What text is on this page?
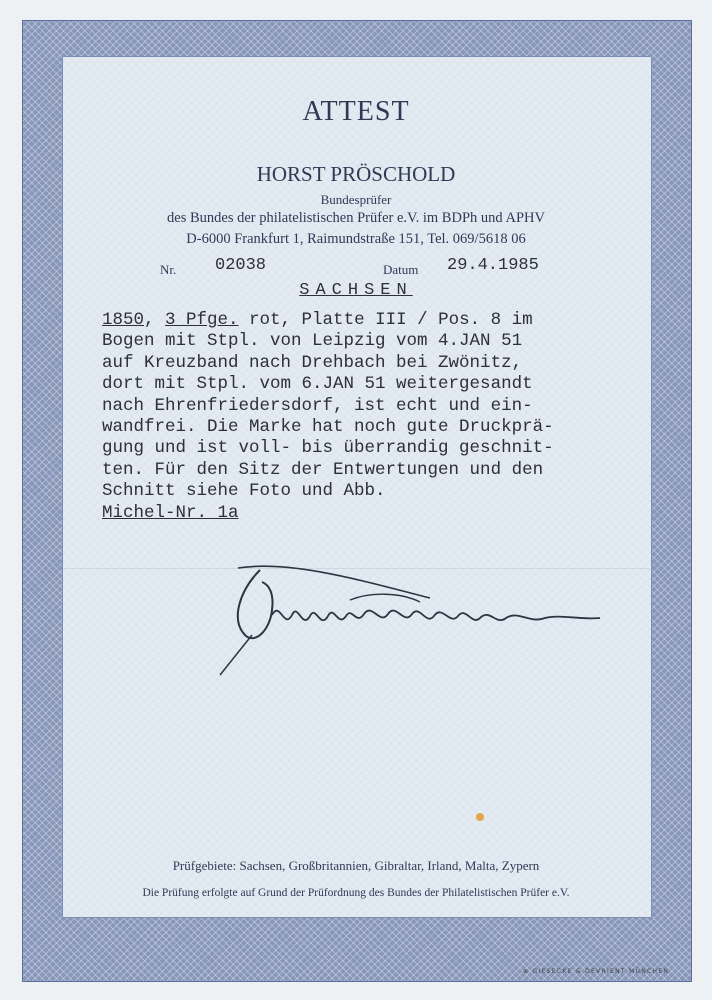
ATTEST
HORST PRÖSCHOLD
Bundesprüfer
des Bundes der philatelistischen Prüfer e.V. im BDPh und APHV
D-6000 Frankfurt 1, Raimundstraße 151, Tel. 069/5618 06
Nr. 02038	Datum 29.4.1985
SACHSEN
1850, 3 Pfge. rot, Platte III / Pos. 8 im
Bogen mit Stpl. von Leipzig vom 4.JAN 51
auf Kreuzband nach Drehbach bei Zwönitz,
dort mit Stpl. vom 6.JAN 51 weitergesandt
nach Ehrenfriedersdorf, ist echt und ein-
wandfrei. Die Marke hat noch gute Druckprä-
gung und ist voll- bis überrandig geschnit-
ten. Für den Sitz der Entwertungen und den
Schnitt siehe Foto und Abb.
Michel-Nr. 1a
Prüfgebiete: Sachsen, Großbritannien, Gibraltar, Irland, Malta, Zypern
Die Prüfung erfolgte auf Grund der Prüfordnung des Bundes der Philatelistischen Prüfer e.V.
⊕ GIESECKE & DEVRIENT MÜNCHEN
